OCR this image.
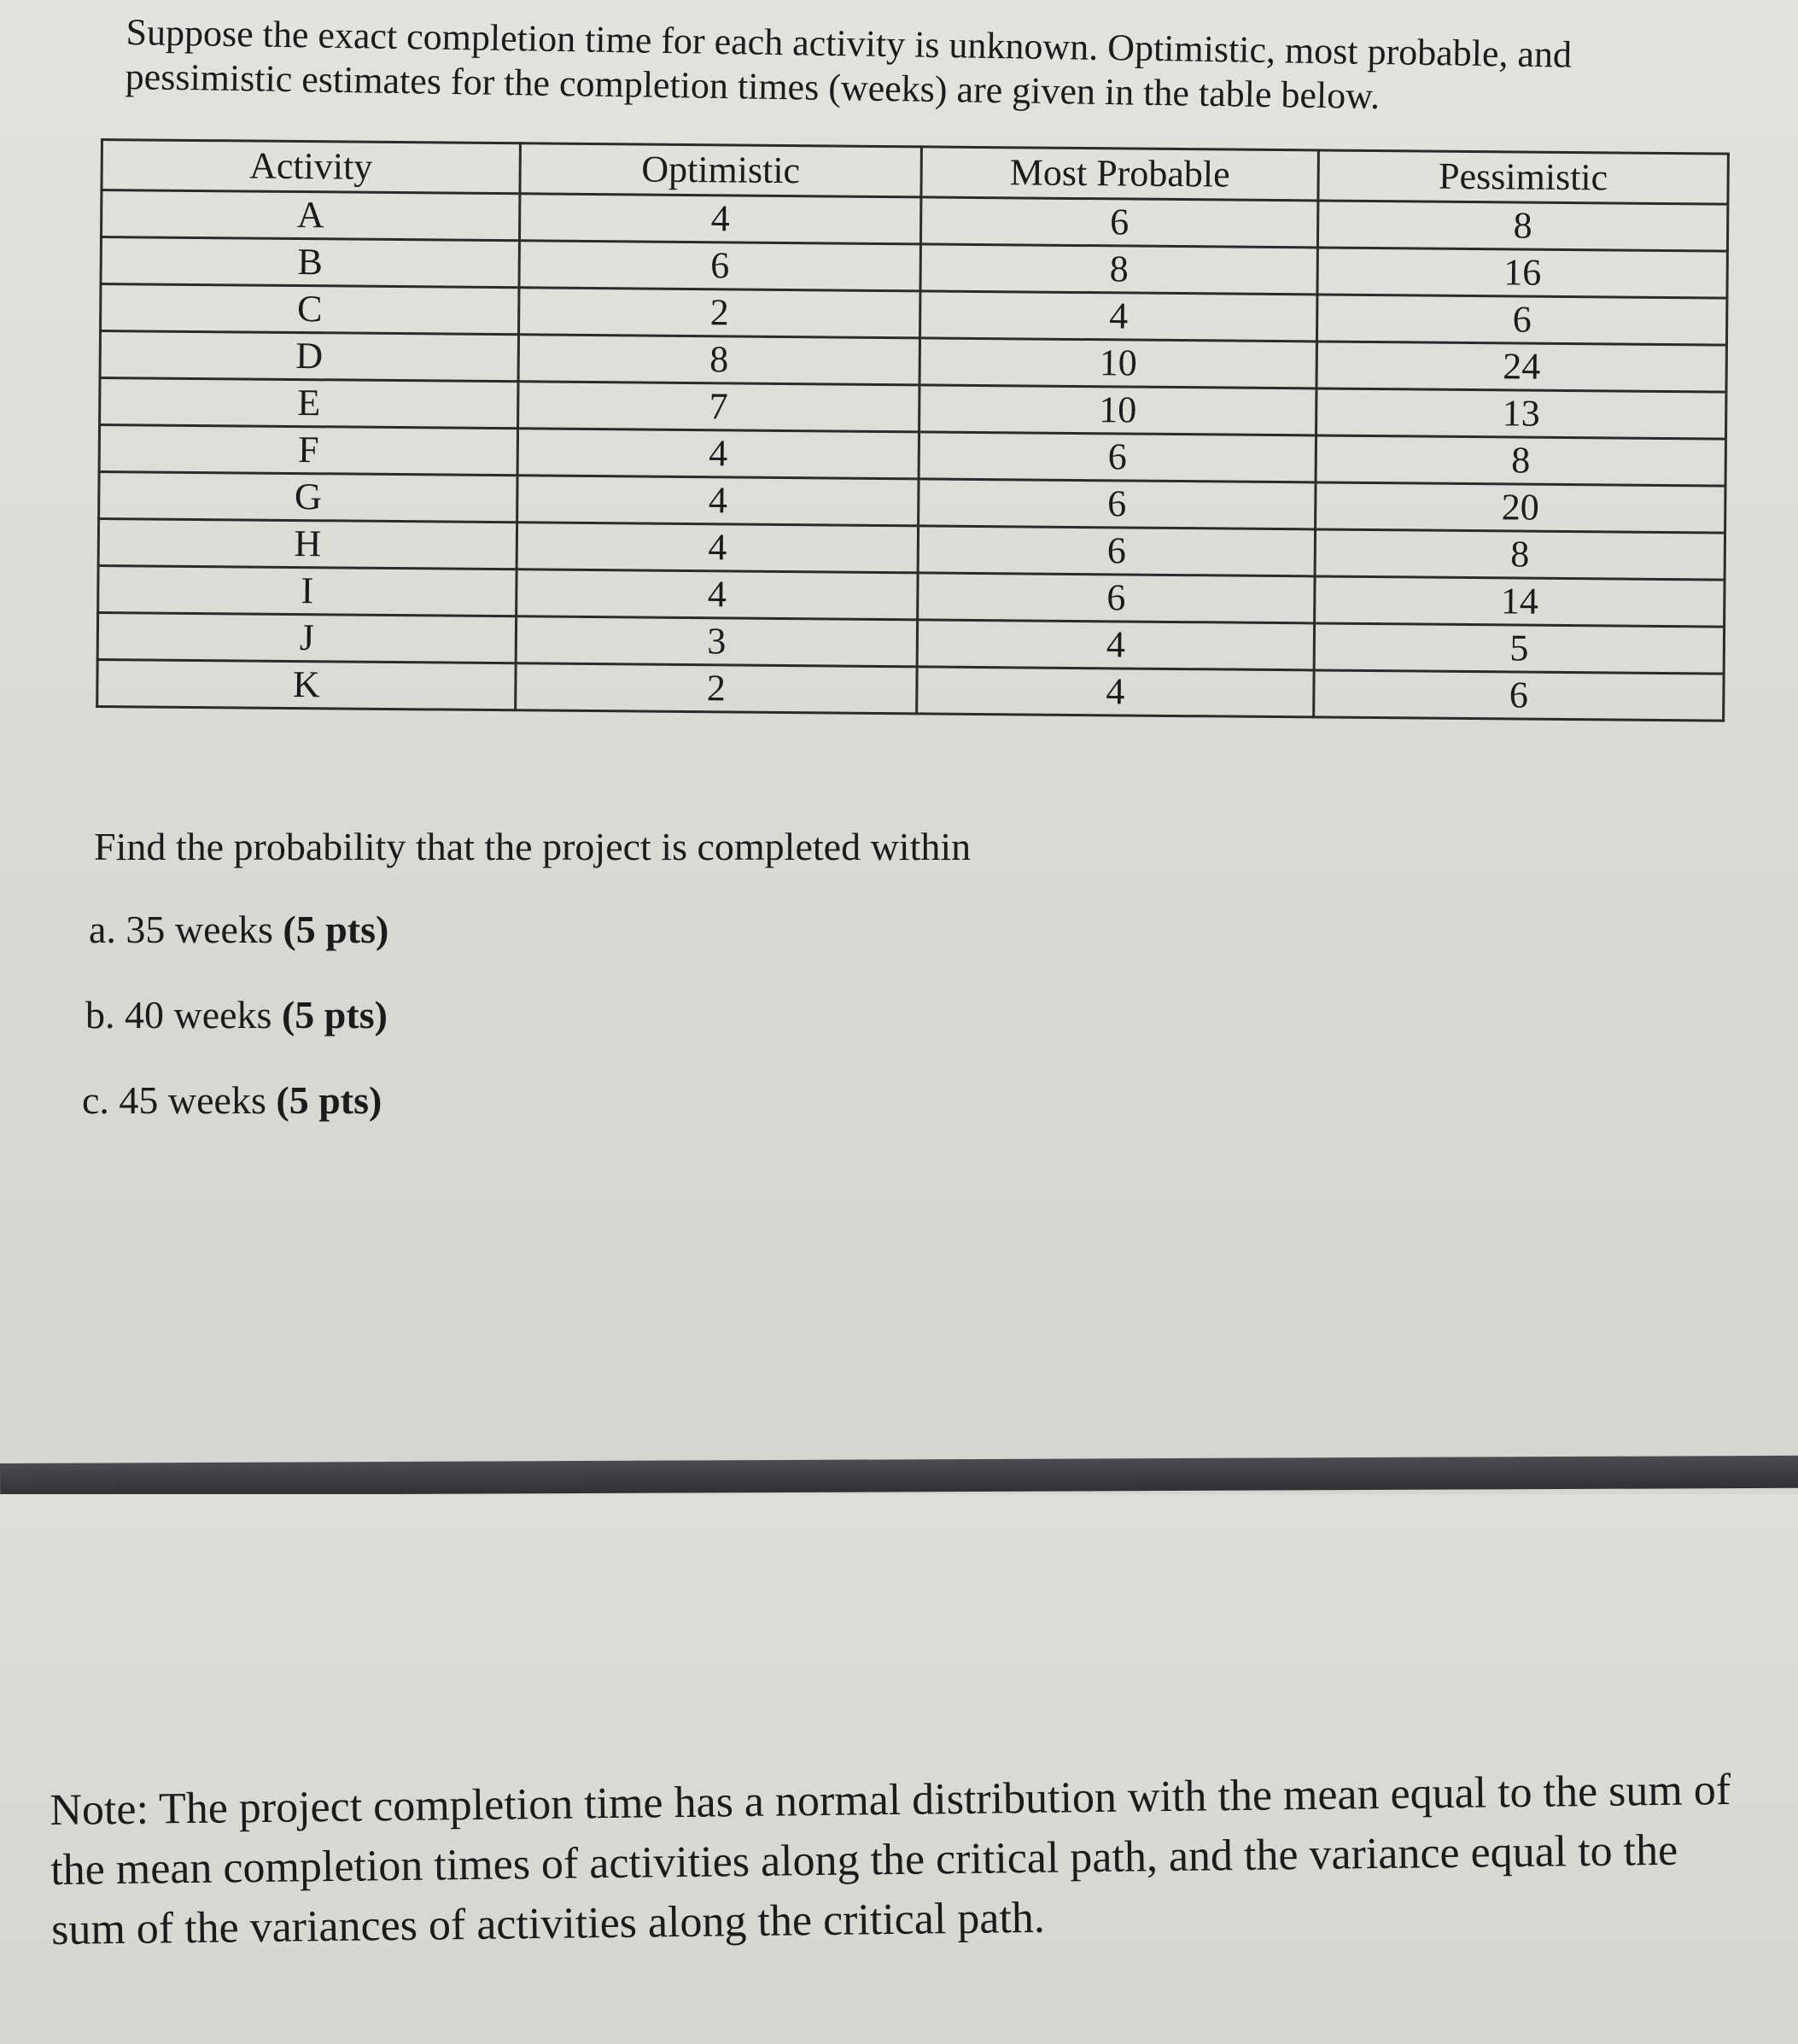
Suppose the exact completion time for each activity is unknown. Optimistic, most probable, and pessimistic estimates for the completion times (weeks) are given in the table below.

Activity	Optimistic	Most Probable	Pessimistic
A	4	6	8
B	6	8	16
C	2	4	6
D	8	10	24
E	7	10	13
F	4	6	8
G	4	6	20
H	4	6	8
I	4	6	14
J	3	4	5
K	2	4	6

Find the probability that the project is completed within

a. 35 weeks (5 pts)

b. 40 weeks (5 pts)

c. 45 weeks (5 pts)

Note: The project completion time has a normal distribution with the mean equal to the sum of the mean completion times of activities along the critical path, and the variance equal to the sum of the variances of activities along the critical path.
